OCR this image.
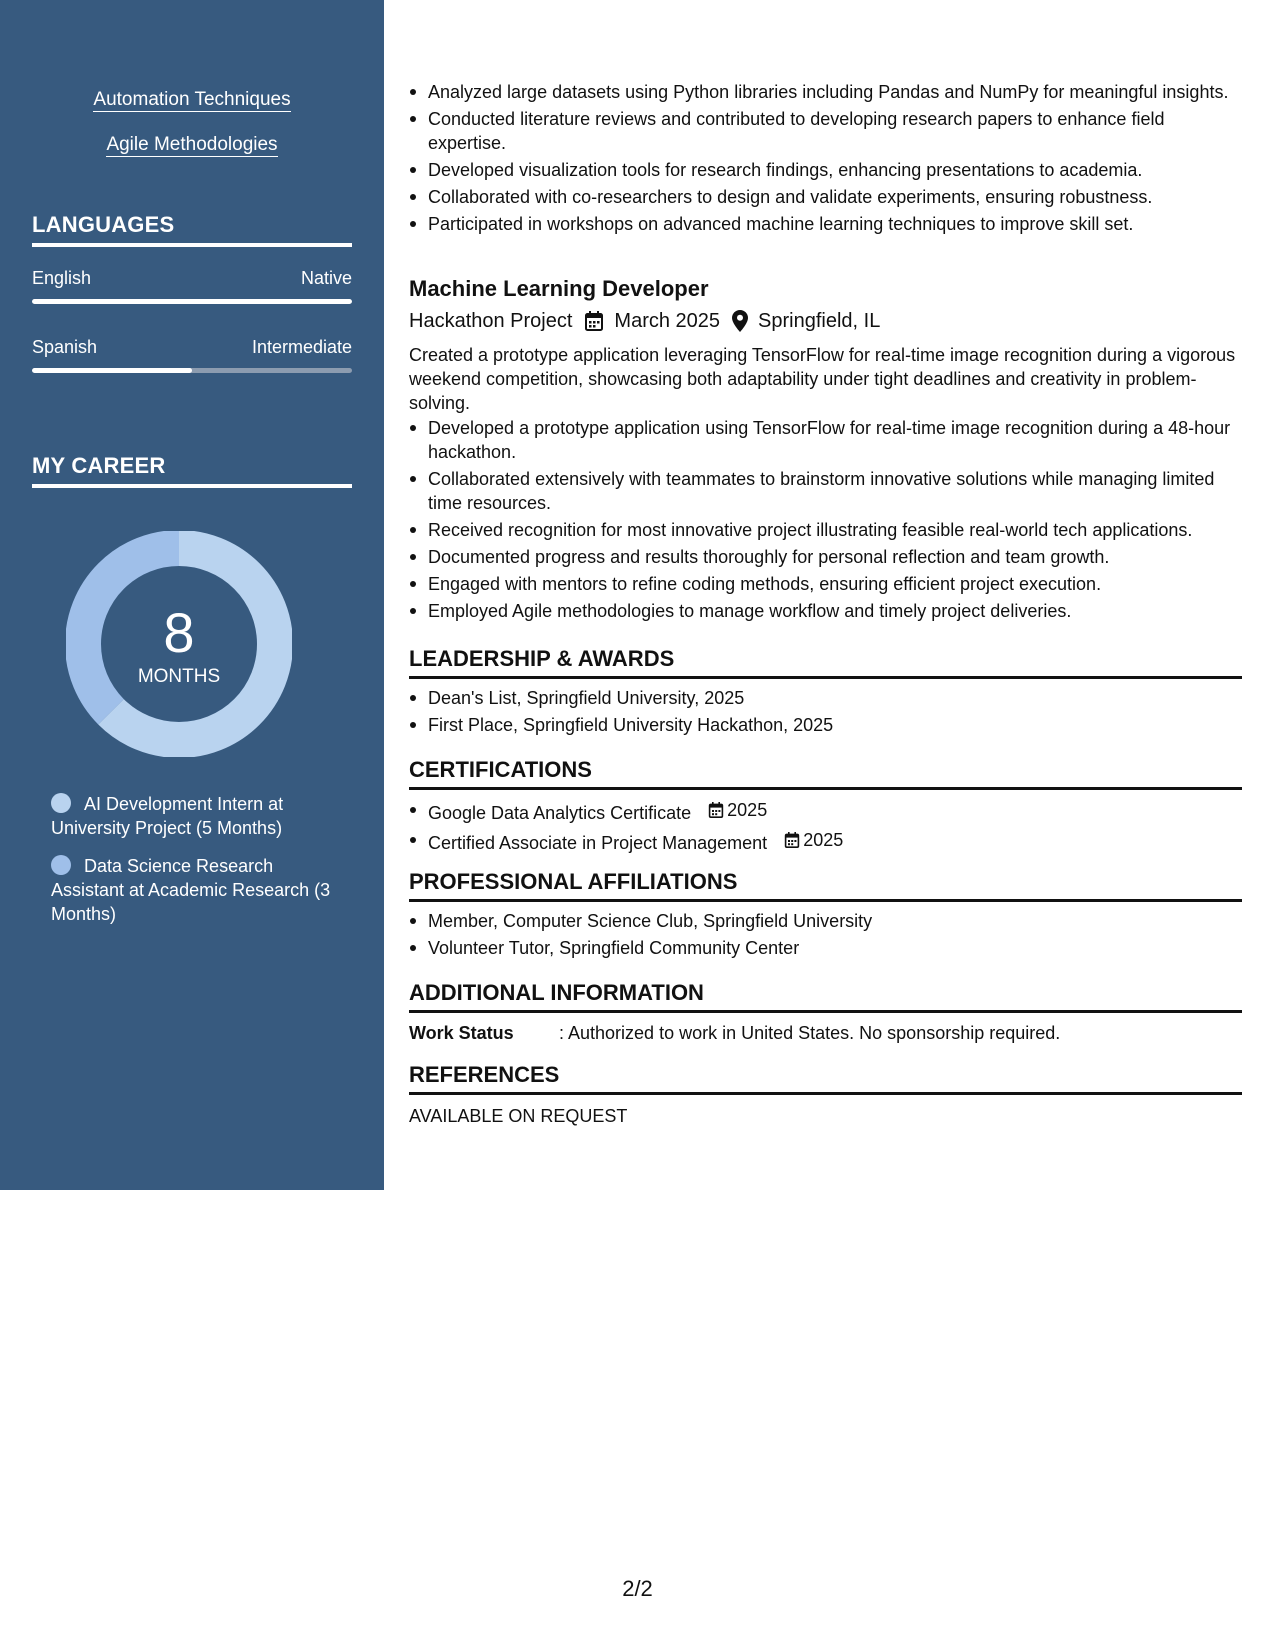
Automation Techniques
Agile Methodologies
LANGUAGES
English	Native
Spanish	Intermediate
MY CAREER
8
MONTHS
AI Development Intern at University Project (5 Months)
Data Science Research Assistant at Academic Research (3 Months)
Analyzed large datasets using Python libraries including Pandas and NumPy for meaningful insights.
Conducted literature reviews and contributed to developing research papers to enhance field expertise.
Developed visualization tools for research findings, enhancing presentations to academia.
Collaborated with co-researchers to design and validate experiments, ensuring robustness.
Participated in workshops on advanced machine learning techniques to improve skill set.
Machine Learning Developer
Hackathon Project March 2025 Springfield, IL

Created a prototype application leveraging TensorFlow for real-time image recognition during a vigorous weekend competition, showcasing both adaptability under tight deadlines and creativity in problem-solving.

Developed a prototype application using TensorFlow for real-time image recognition during a 48-hour hackathon.
Collaborated extensively with teammates to brainstorm innovative solutions while managing limited time resources.
Received recognition for most innovative project illustrating feasible real-world tech applications.
Documented progress and results thoroughly for personal reflection and team growth.
Engaged with mentors to refine coding methods, ensuring efficient project execution.
Employed Agile methodologies to manage workflow and timely project deliveries.
LEADERSHIP & AWARDS
Dean's List, Springfield University, 2025
First Place, Springfield University Hackathon, 2025
CERTIFICATIONS
Google Data Analytics Certificate 2025
Certified Associate in Project Management 2025
PROFESSIONAL AFFILIATIONS
Member, Computer Science Club, Springfield University
Volunteer Tutor, Springfield Community Center
ADDITIONAL INFORMATION
Work Status	: Authorized to work in United States. No sponsorship required.
REFERENCES
AVAILABLE ON REQUEST
2/2
